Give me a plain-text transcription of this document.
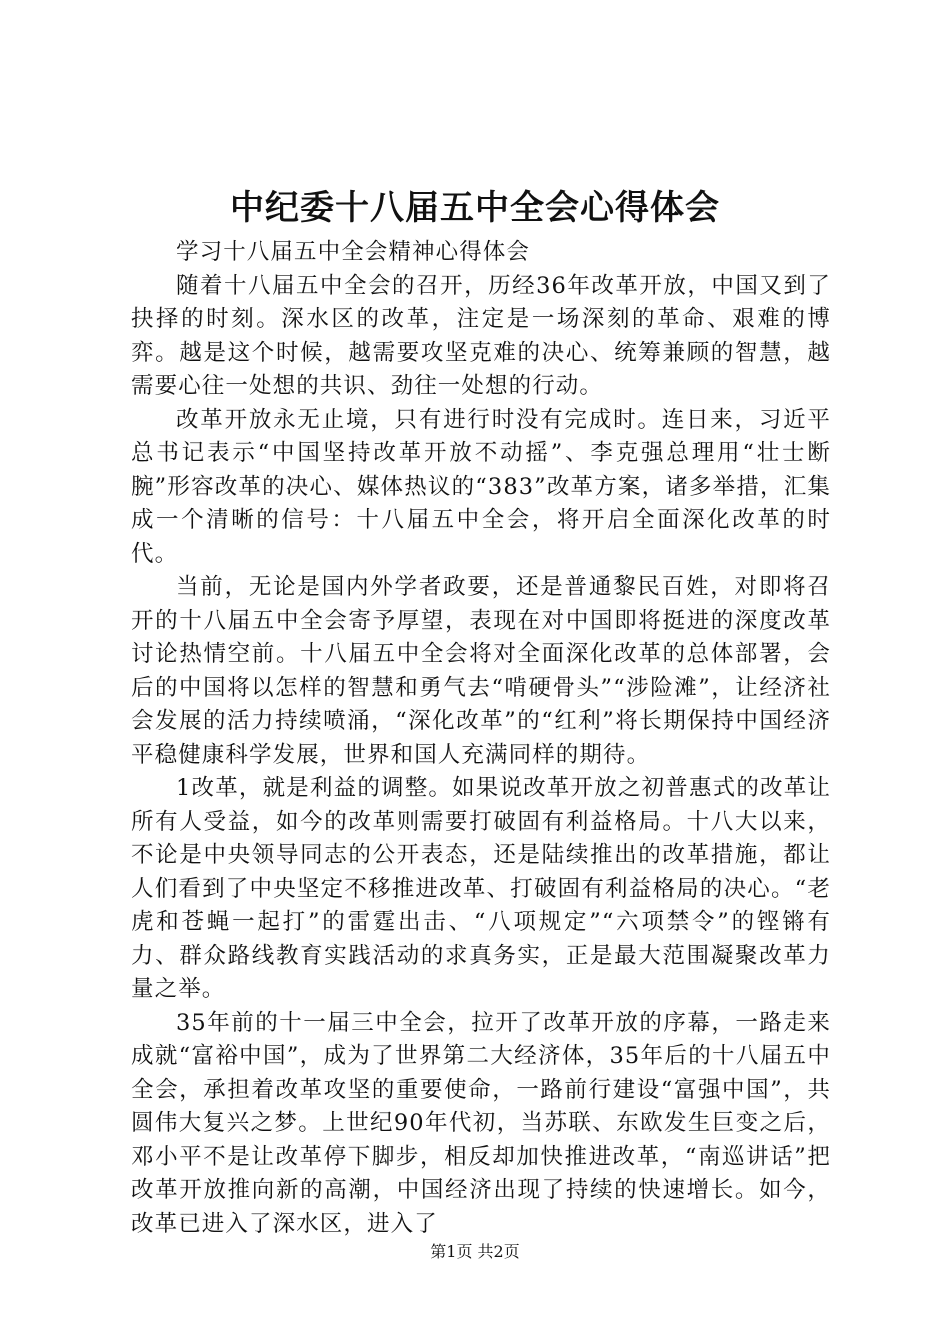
中纪委十八届五中全会心得体会

学习十八届五中全会精神心得体会

随着十八届五中全会的召开，历经36年改革开放，中国又到了抉择的时刻。深水区的改革，注定是一场深刻的革命、艰难的博弈。越是这个时候，越需要攻坚克难的决心、统筹兼顾的智慧，越需要心往一处想的共识、劲往一处想的行动。

改革开放永无止境，只有进行时没有完成时。连日来，习近平总书记表示“中国坚持改革开放不动摇”、李克强总理用“壮士断腕”形容改革的决心、媒体热议的“383”改革方案，诸多举措，汇集成一个清晰的信号：十八届五中全会，将开启全面深化改革的时代。

当前，无论是国内外学者政要，还是普通黎民百姓，对即将召开的十八届五中全会寄予厚望，表现在对中国即将挺进的深度改革讨论热情空前。十八届五中全会将对全面深化改革的总体部署，会后的中国将以怎样的智慧和勇气去“啃硬骨头”“涉险滩”，让经济社会发展的活力持续喷涌，“深化改革”的“红利”将长期保持中国经济平稳健康科学发展，世界和国人充满同样的期待。

1改革，就是利益的调整。如果说改革开放之初普惠式的改革让所有人受益，如今的改革则需要打破固有利益格局。十八大以来，不论是中央领导同志的公开表态，还是陆续推出的改革措施，都让人们看到了中央坚定不移推进改革、打破固有利益格局的决心。“老虎和苍蝇一起打”的雷霆出击、“八项规定”“六项禁令”的铿锵有力、群众路线教育实践活动的求真务实，正是最大范围凝聚改革力量之举。

35年前的十一届三中全会，拉开了改革开放的序幕，一路走来成就“富裕中国”，成为了世界第二大经济体，35年后的十八届五中全会，承担着改革攻坚的重要使命，一路前行建设“富强中国”，共圆伟大复兴之梦。上世纪90年代初，当苏联、东欧发生巨变之后，邓小平不是让改革停下脚步，相反却加快推进改革，“南巡讲话”把改革开放推向新的高潮，中国经济出现了持续的快速增长。如今，改革已进入了深水区，进入了

第1页 共2页
